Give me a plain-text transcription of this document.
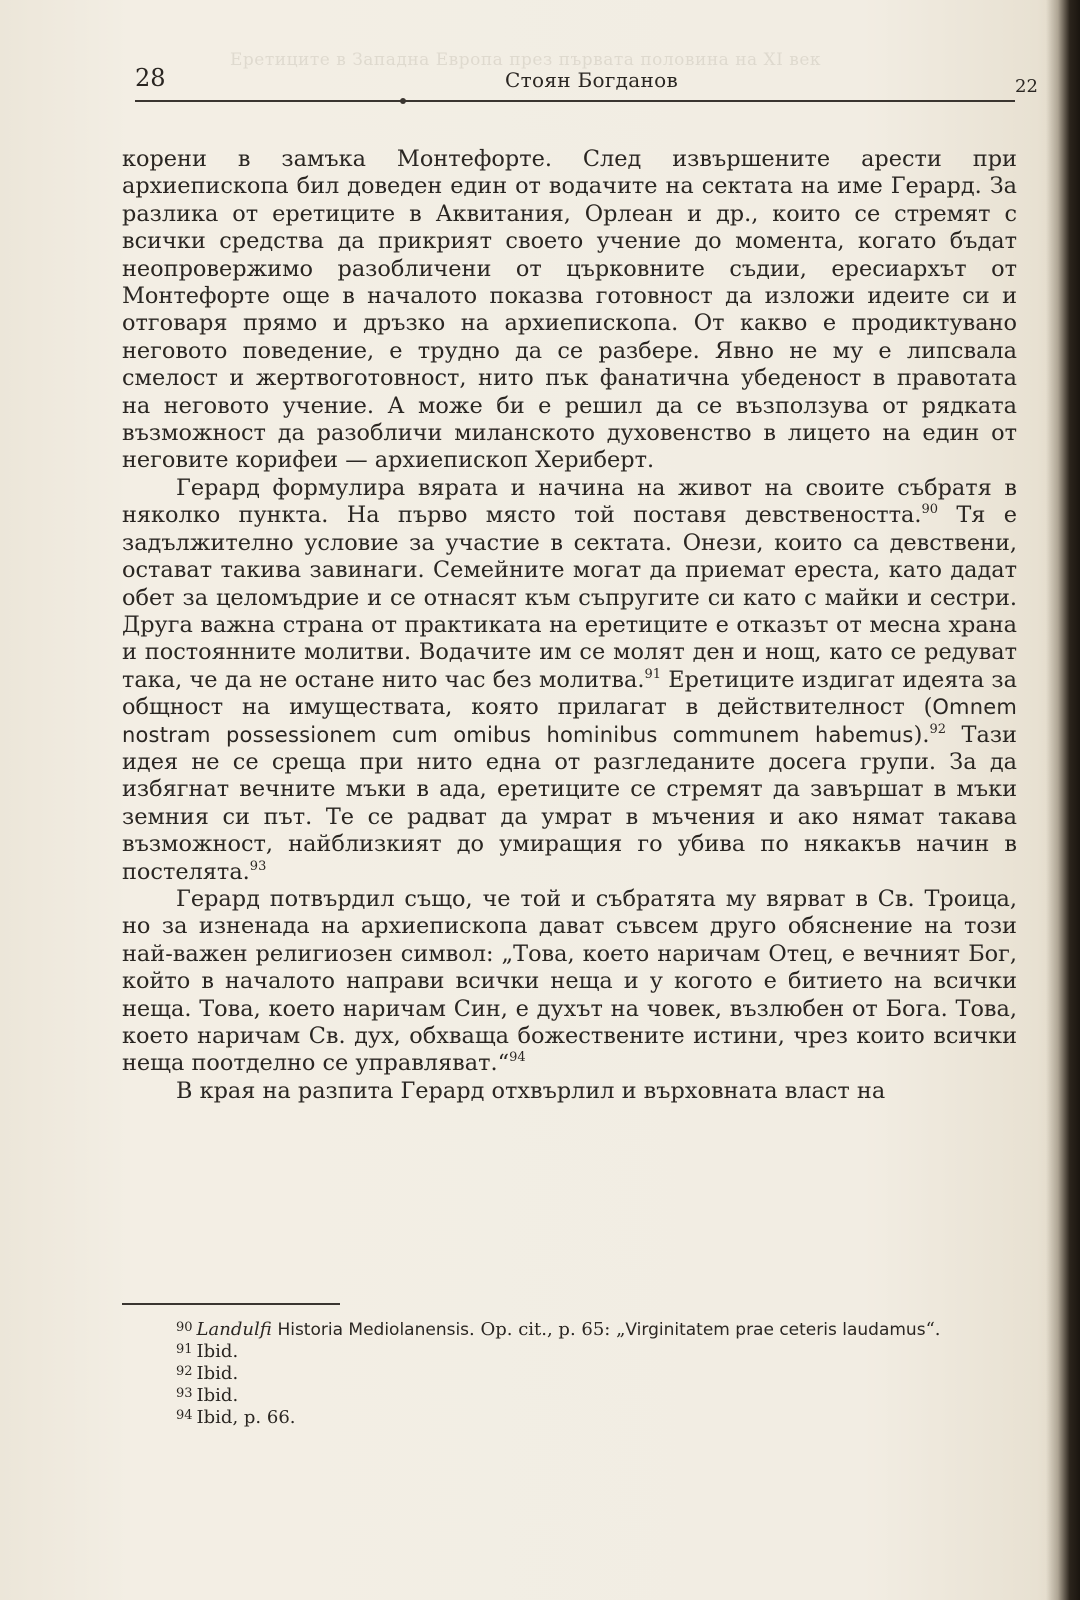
Еретиците в Западна Европа през първата половина на XI век
28	Стоян Богданов	22

корени в замъка Монтефорте. След извършените арести при архиепископа бил доведен един от водачите на сектата на име Герард. За разлика от еретиците в Аквитания, Орлеан и др., които се стремят с всички средства да прикрият своето учение до момента, когато бъдат неопровержимо разобличени от църковните съдии, ересиархът от Монтефорте още в началото показва готовност да изложи идеите си и отговаря прямо и дръзко на архиепископа. От какво е продиктувано неговото поведение, е трудно да се разбере. Явно не му е липсвала смелост и жертвоготовност, нито пък фанатична убеденост в правотата на неговото учение. А може би е решил да се възползува от рядката възможност да разобличи миланското духовенство в лицето на един от неговите корифеи — архиепископ Хериберт.

Герард формулира вярата и начина на живот на своите събратя в няколко пункта. На първо място той поставя девствеността.$^{90}$ Тя е задължително условие за участие в сектата. Онези, които са девствени, остават такива завинаги. Семейните могат да приемат ереста, като дадат обет за целомъдрие и се отнасят към съпругите си като с майки и сестри. Друга важна страна от практиката на еретиците е отказът от месна храна и постоянните молитви. Водачите им се молят ден и нощ, като се редуват така, че да не остане нито час без молитва.$^{91}$ Еретиците издигат идеята за общност на имуществата, която прилагат в действителност (Omnem nostram possessionem cum omibus hominibus communem habemus).$^{92}$ Тази идея не се среща при нито една от разгледаните досега групи. За да избягнат вечните мъки в ада, еретиците се стремят да завършат в мъки земния си път. Те се радват да умрат в мъчения и ако нямат такава възможност, найблизкият до умиращия го убива по някакъв начин в постелята.$^{93}$

Герард потвърдил също, че той и събратята му вярват в Св. Троица, но за изненада на архиепископа дават съвсем друго обяснение на този най-важен религиозен символ: „Това, което наричам Отец, е вечният Бог, който в началото направи всички неща и у когото е битието на всички неща. Това, което наричам Син, е духът на човек, възлюбен от Бога. Това, което наричам Св. дух, обхваща божествените истини, чрез които всички неща поотделно се управляват.“$^{94}$

В края на разпита Герард отхвърлил и върховната власт на

$^{90}$ Landulfi Historia Mediolanensis. Op. cit., p. 65: „Virginitatem prae ceteris laudamus“.

$^{91}$ Ibid.

$^{92}$ Ibid.

$^{93}$ Ibid.

$^{94}$ Ibid, p. 66.
